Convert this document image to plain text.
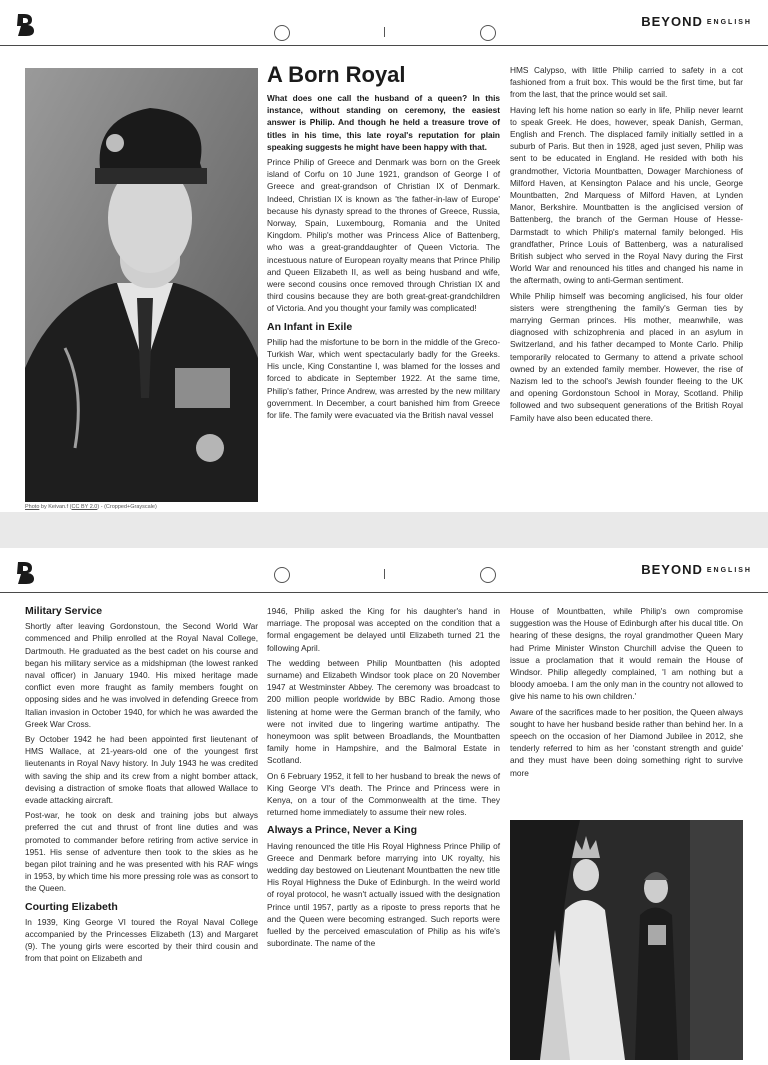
BEYOND ENGLISH
Photo by Keivan.f (CC BY 2.0) - (Cropped+Grayscale)
A Born Royal

What does one call the husband of a queen? In this instance, without standing on ceremony, the easiest answer is Philip. And though he held a treasure trove of titles in his time, this late royal's reputation for plain speaking suggests he might have been happy with that.

Prince Philip of Greece and Denmark was born on the Greek island of Corfu on 10 June 1921, grandson of George I of Greece and great-grandson of Christian IX of Denmark. Indeed, Christian IX is known as 'the father-in-law of Europe' because his dynasty spread to the thrones of Greece, Russia, Norway, Spain, Luxembourg, Romania and the United Kingdom. Philip's mother was Princess Alice of Battenberg, who was a great-granddaughter of Queen Victoria. The incestuous nature of European royalty means that Prince Philip and Queen Elizabeth II, as well as being husband and wife, were second cousins once removed through Christian IX and third cousins because they are both great-great-grandchildren of Victoria. And you thought your family was complicated!

An Infant in Exile

Philip had the misfortune to be born in the middle of the Greco-Turkish War, which went spectacularly badly for the Greeks. His uncle, King Constantine I, was blamed for the losses and forced to abdicate in September 1922. At the same time, Philip's father, Prince Andrew, was arrested by the new military government. In December, a court banished him from Greece for life. The family were evacuated via the British naval vessel

HMS Calypso, with little Philip carried to safety in a cot fashioned from a fruit box. This would be the first time, but far from the last, that the prince would set sail.

Having left his home nation so early in life, Philip never learnt to speak Greek. He does, however, speak Danish, German, English and French. The displaced family initially settled in a suburb of Paris. But then in 1928, aged just seven, Philip was sent to be educated in England. He resided with both his grandmother, Victoria Mountbatten, Dowager Marchioness of Milford Haven, at Kensington Palace and his uncle, George Mountbatten, 2nd Marquess of Milford Haven, at Lynden Manor, Berkshire. Mountbatten is the anglicised version of Battenberg, the branch of the German House of Hesse-Darmstadt to which Philip's maternal family belonged. His grandfather, Prince Louis of Battenberg, was a naturalised British subject who served in the Royal Navy during the First World War and renounced his titles and changed his name in the aftermath, owing to anti-German sentiment.

While Philip himself was becoming anglicised, his four older sisters were strengthening the family's German ties by marrying German princes. His mother, meanwhile, was diagnosed with schizophrenia and placed in an asylum in Switzerland, and his father decamped to Monte Carlo. Philip temporarily relocated to Germany to attend a private school owned by an extended family member. However, the rise of Nazism led to the school's Jewish founder fleeing to the UK and opening Gordonstoun School in Moray, Scotland. Philip followed and two subsequent generations of the British Royal Family have also been educated there.

BEYOND ENGLISH
Military Service

Shortly after leaving Gordonstoun, the Second World War commenced and Philip enrolled at the Royal Naval College, Dartmouth. He graduated as the best cadet on his course and began his military service as a midshipman (the lowest ranked naval officer) in January 1940. His mixed heritage made conflict even more fraught as family members fought on opposing sides and he was involved in defending Greece from Italian invasion in October 1940, for which he was awarded the Greek War Cross.

By October 1942 he had been appointed first lieutenant of HMS Wallace, at 21-years-old one of the youngest first lieutenants in Royal Navy history. In July 1943 he was credited with saving the ship and its crew from a night bomber attack, devising a distraction of smoke floats that allowed Wallace to evade attacking aircraft.

Post-war, he took on desk and training jobs but always preferred the cut and thrust of front line duties and was promoted to commander before retiring from active service in 1951. His sense of adventure then took to the skies as he began pilot training and he was presented with his RAF wings in 1953, by which time his more pressing role was as consort to the Queen.

Courting Elizabeth

In 1939, King George VI toured the Royal Naval College accompanied by the Princesses Elizabeth (13) and Margaret (9). The young girls were escorted by their third cousin and from that point on Elizabeth and

1946, Philip asked the King for his daughter's hand in marriage. The proposal was accepted on the condition that a formal engagement be delayed until Elizabeth turned 21 the following April.

The wedding between Philip Mountbatten (his adopted surname) and Elizabeth Windsor took place on 20 November 1947 at Westminster Abbey. The ceremony was broadcast to 200 million people worldwide by BBC Radio. Among those listening at home were the German branch of the family, who were not invited due to lingering wartime antipathy. The honeymoon was split between Broadlands, the Mountbatten family home in Hampshire, and the Balmoral Estate in Scotland.

On 6 February 1952, it fell to her husband to break the news of King George VI's death. The Prince and Princess were in Kenya, on a tour of the Commonwealth at the time. They returned home immediately to assume their new roles.

Always a Prince, Never a King

Having renounced the title His Royal Highness Prince Philip of Greece and Denmark before marrying into UK royalty, his wedding day bestowed on Lieutenant Mountbatten the new title His Royal Highness the Duke of Edinburgh. In the weird world of royal protocol, he wasn't actually issued with the designation Prince until 1957, partly as a riposte to press reports that he and the Queen were becoming estranged. Such reports were fuelled by the perceived emasculation of Philip as his wife's subordinate. The name of the

House of Mountbatten, while Philip's own compromise suggestion was the House of Edinburgh after his ducal title. On hearing of these designs, the royal grandmother Queen Mary had Prime Minister Winston Churchill advise the Queen to issue a proclamation that it would remain the House of Windsor. Philip allegedly complained, 'I am nothing but a bloody amoeba. I am the only man in the country not allowed to give his name to his own children.'

Aware of the sacrifices made to her position, the Queen always sought to have her husband beside rather than behind her. In a speech on the occasion of her Diamond Jubilee in 2012, she tenderly referred to him as her 'constant strength and guide' and they must have been doing something right to survive more
